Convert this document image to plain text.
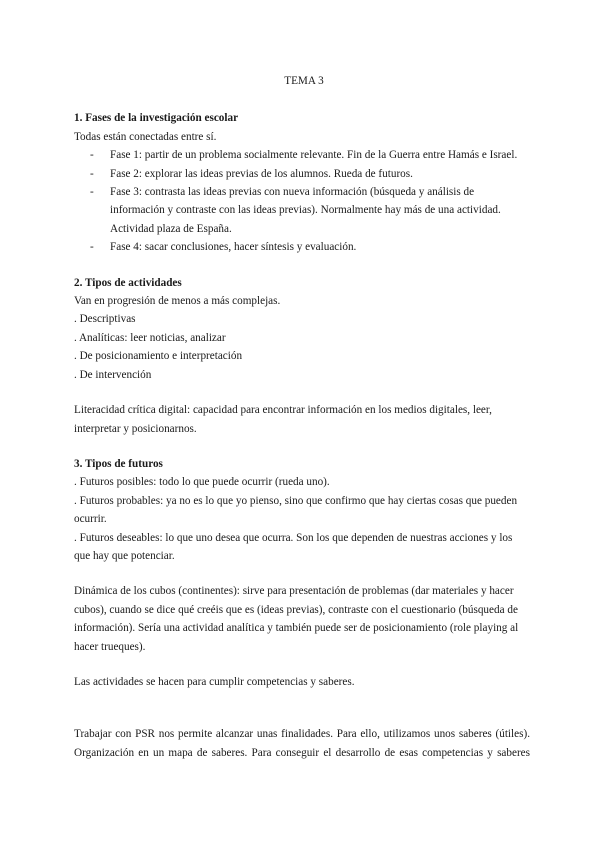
TEMA 3

1. Fases de la investigación escolar

Todas están conectadas entre sí.

- Fase 1: partir de un problema socialmente relevante. Fin de la Guerra entre Hamás e Israel.
- Fase 2: explorar las ideas previas de los alumnos. Rueda de futuros.
- Fase 3: contrasta las ideas previas con nueva información (búsqueda y análisis de información y contraste con las ideas previas). Normalmente hay más de una actividad. Actividad plaza de España.
- Fase 4: sacar conclusiones, hacer síntesis y evaluación.

2. Tipos de actividades

Van en progresión de menos a más complejas.

. Descriptivas

. Analíticas: leer noticias, analizar

. De posicionamiento e interpretación

. De intervención

Literacidad crítica digital: capacidad para encontrar información en los medios digitales, leer, interpretar y posicionarnos.

3. Tipos de futuros

. Futuros posibles: todo lo que puede ocurrir (rueda uno).

. Futuros probables: ya no es lo que yo pienso, sino que confirmo que hay ciertas cosas que pueden ocurrir.

. Futuros deseables: lo que uno desea que ocurra. Son los que dependen de nuestras acciones y los que hay que potenciar.

Dinámica de los cubos (continentes): sirve para presentación de problemas (dar materiales y hacer cubos), cuando se dice qué creéis que es (ideas previas), contraste con el cuestionario (búsqueda de información). Sería una actividad analítica y también puede ser de posicionamiento (role playing al hacer trueques).

Las actividades se hacen para cumplir competencias y saberes.

Trabajar con PSR nos permite alcanzar unas finalidades. Para ello, utilizamos unos saberes (útiles).

Organización en un mapa de saberes. Para conseguir el desarrollo de esas competencias y saberes
